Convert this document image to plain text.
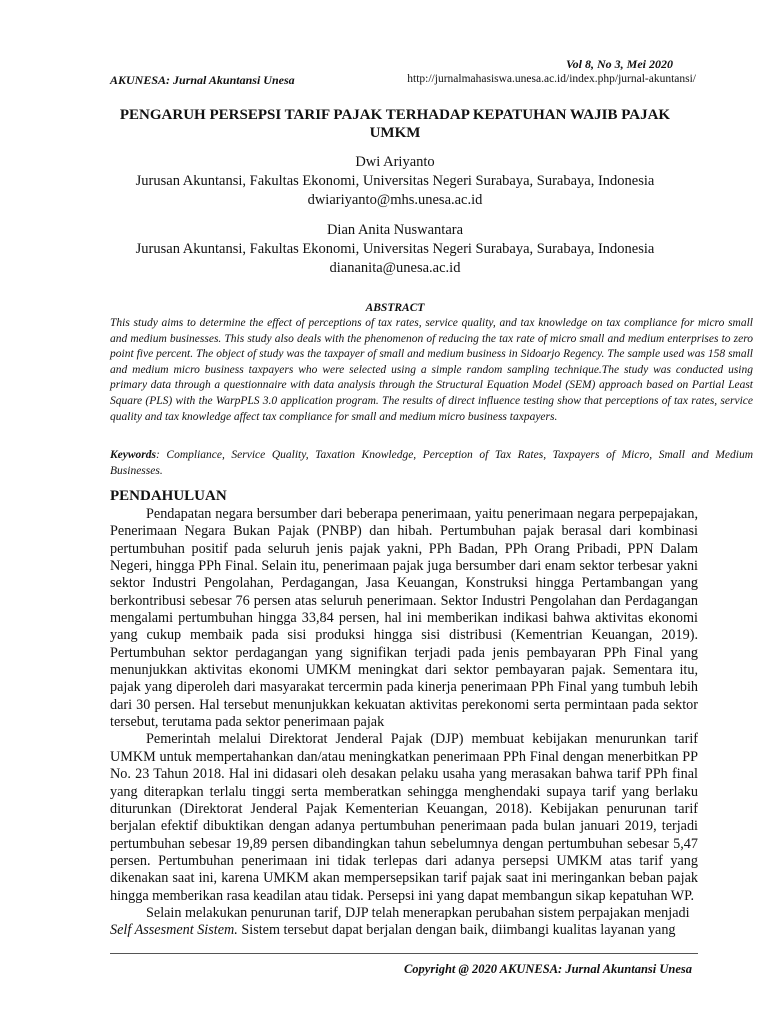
Vol 8, No 3, Mei 2020
AKUNESA: Jurnal Akuntansi Unesa	http://jurnalmahasiswa.unesa.ac.id/index.php/jurnal-akuntansi/
PENGARUH PERSEPSI TARIF PAJAK TERHADAP KEPATUHAN WAJIB PAJAK UMKM
Dwi Ariyanto
Jurusan Akuntansi, Fakultas Ekonomi, Universitas Negeri Surabaya, Surabaya, Indonesia
dwiariyanto@mhs.unesa.ac.id
Dian Anita Nuswantara
Jurusan Akuntansi, Fakultas Ekonomi, Universitas Negeri Surabaya, Surabaya, Indonesia
diananita@unesa.ac.id
ABSTRACT
This study aims to determine the effect of perceptions of tax rates, service quality, and tax knowledge on tax compliance for micro small and medium businesses. This study also deals with the phenomenon of reducing the tax rate of micro small and medium enterprises to zero point five percent. The object of study was the taxpayer of small and medium business in Sidoarjo Regency. The sample used was 158 small and medium micro business taxpayers who were selected using a simple random sampling technique.The study was conducted using primary data through a questionnaire with data analysis through the Structural Equation Model (SEM) approach based on Partial Least Square (PLS) with the WarpPLS 3.0 application program. The results of direct influence testing show that perceptions of tax rates, service quality and tax knowledge affect tax compliance for small and medium micro business taxpayers.
Keywords: Compliance, Service Quality, Taxation Knowledge, Perception of Tax Rates, Taxpayers of Micro, Small and Medium Businesses.
PENDAHULUAN

Pendapatan negara bersumber dari beberapa penerimaan, yaitu penerimaan negara perpepajakan, Penerimaan Negara Bukan Pajak (PNBP) dan hibah. Pertumbuhan pajak berasal dari kombinasi pertumbuhan positif pada seluruh jenis pajak yakni, PPh Badan, PPh Orang Pribadi, PPN Dalam Negeri, hingga PPh Final. Selain itu, penerimaan pajak juga bersumber dari enam sektor terbesar yakni sektor Industri Pengolahan, Perdagangan, Jasa Keuangan, Konstruksi hingga Pertambangan yang berkontribusi sebesar 76 persen atas seluruh penerimaan. Sektor Industri Pengolahan dan Perdagangan mengalami pertumbuhan hingga 33,84 persen, hal ini memberikan indikasi bahwa aktivitas ekonomi yang cukup membaik pada sisi produksi hingga sisi distribusi (Kementrian Keuangan, 2019). Pertumbuhan sektor perdagangan yang signifikan terjadi pada jenis pembayaran PPh Final yang menunjukkan aktivitas ekonomi UMKM meningkat dari sektor pembayaran pajak. Sementara itu, pajak yang diperoleh dari masyarakat tercermin pada kinerja penerimaan PPh Final yang tumbuh lebih dari 30 persen. Hal tersebut menunjukkan kekuatan aktivitas perekonomi serta permintaan pada sektor tersebut, terutama pada sektor penerimaan pajak

Pemerintah melalui Direktorat Jenderal Pajak (DJP) membuat kebijakan menurunkan tarif UMKM untuk mempertahankan dan/atau meningkatkan penerimaan PPh Final dengan menerbitkan PP No. 23 Tahun 2018. Hal ini didasari oleh desakan pelaku usaha yang merasakan bahwa tarif PPh final yang diterapkan terlalu tinggi serta memberatkan sehingga menghendaki supaya tarif yang berlaku diturunkan (Direktorat Jenderal Pajak Kementerian Keuangan, 2018). Kebijakan penurunan tarif berjalan efektif dibuktikan dengan adanya pertumbuhan penerimaan pada bulan januari 2019, terjadi pertumbuhan sebesar 19,89 persen dibandingkan tahun sebelumnya dengan pertumbuhan sebesar 5,47 persen. Pertumbuhan penerimaan ini tidak terlepas dari adanya persepsi UMKM atas tarif yang dikenakan saat ini, karena UMKM akan mempersepsikan tarif pajak saat ini meringankan beban pajak hingga memberikan rasa keadilan atau tidak. Persepsi ini yang dapat membangun sikap kepatuhan WP.

Selain melakukan penurunan tarif, DJP telah menerapkan perubahan sistem perpajakan menjadi
Self Assesment Sistem. Sistem tersebut dapat berjalan dengan baik, diimbangi kualitas layanan yang

Copyright @ 2020 AKUNESA: Jurnal Akuntansi Unesa
